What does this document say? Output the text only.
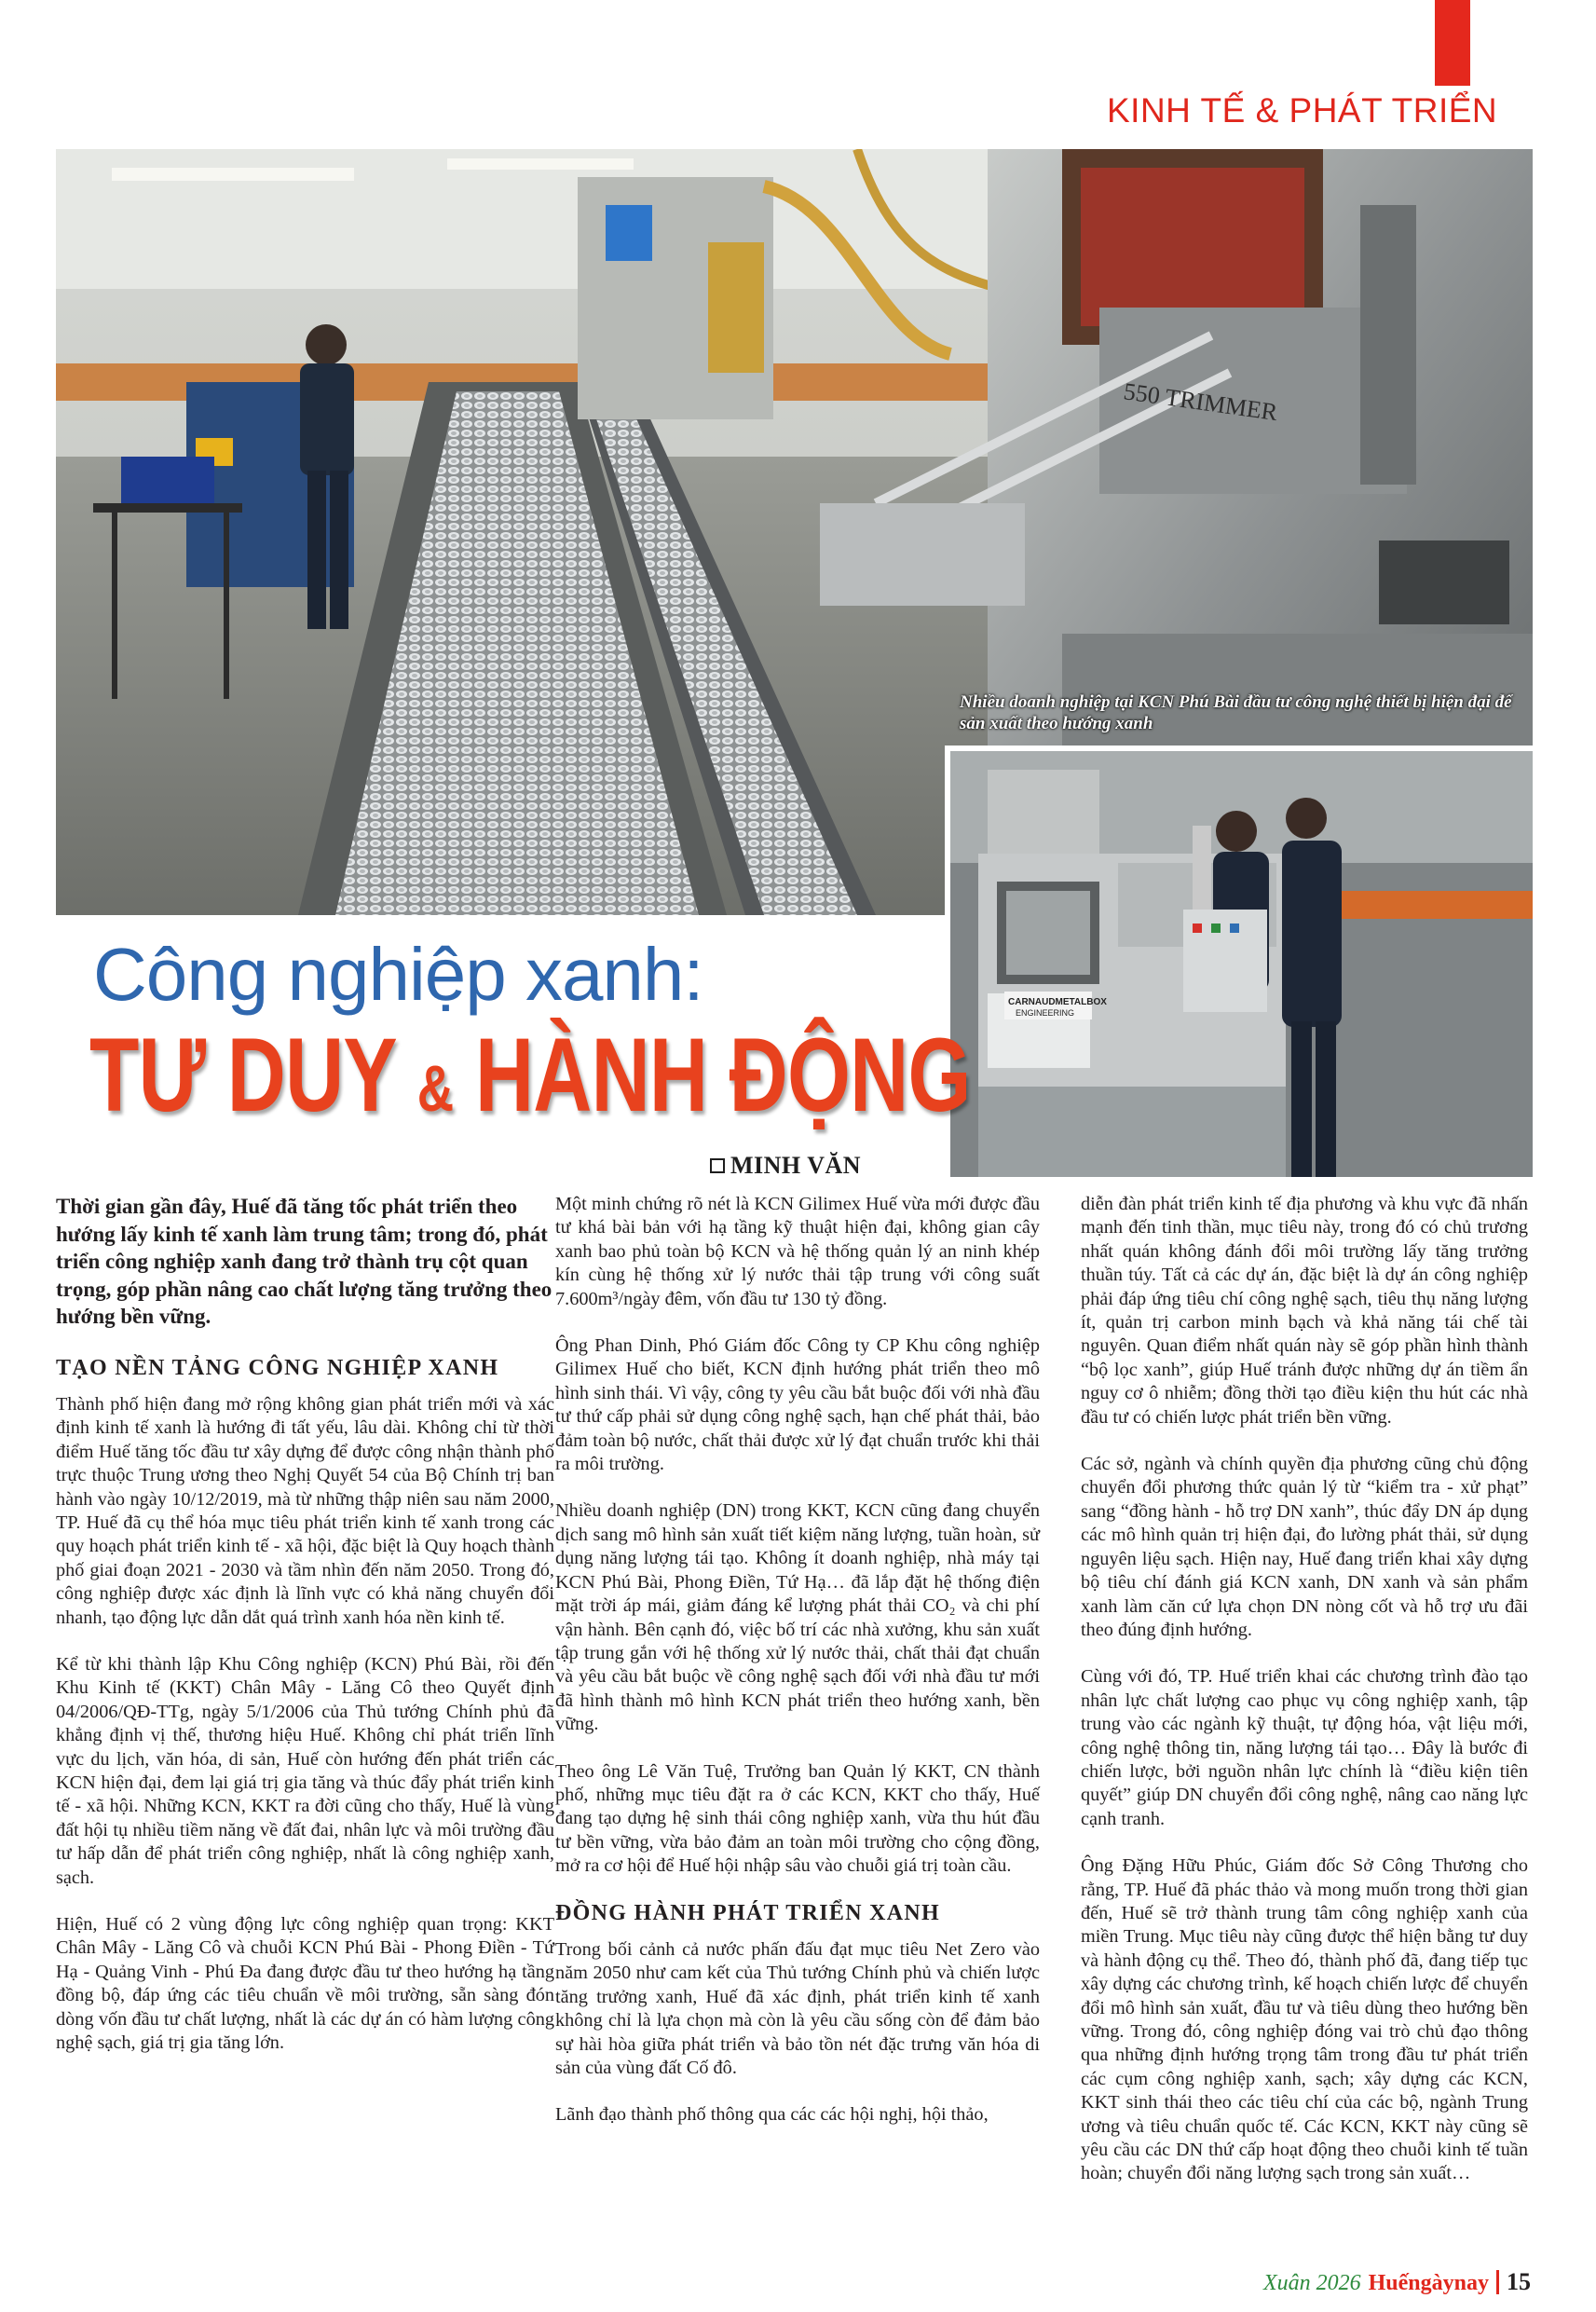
KINH TẾ & PHÁT TRIỂN
550 TRIMMER
Nhiều doanh nghiệp tại KCN Phú Bài đầu tư công nghệ thiết bị hiện đại để sản xuất theo hướng xanh
CARNAUDMETALBOX
ENGINEERING
Công nghiệp xanh:
TƯ DUY & HÀNH ĐỘNG
MINH VĂN
Thời gian gần đây, Huế đã tăng tốc phát triển theo hướng lấy kinh tế xanh làm trung tâm; trong đó, phát triển công nghiệp xanh đang trở thành trụ cột quan trọng, góp phần nâng cao chất lượng tăng trưởng theo hướng bền vững.
TẠO NỀN TẢNG CÔNG NGHIỆP XANH
Thành phố hiện đang mở rộng không gian phát triển mới và xác định kinh tế xanh là hướng đi tất yếu, lâu dài. Không chỉ từ thời điểm Huế tăng tốc đầu tư xây dựng để được công nhận thành phố trực thuộc Trung ương theo Nghị Quyết 54 của Bộ Chính trị ban hành vào ngày 10/12/2019, mà từ những thập niên sau năm 2000, TP. Huế đã cụ thể hóa mục tiêu phát triển kinh tế xanh trong các quy hoạch phát triển kinh tế - xã hội, đặc biệt là Quy hoạch thành phố giai đoạn 2021 - 2030 và tầm nhìn đến năm 2050. Trong đó, công nghiệp được xác định là lĩnh vực có khả năng chuyển đổi nhanh, tạo động lực dẫn dắt quá trình xanh hóa nền kinh tế.
Kể từ khi thành lập Khu Công nghiệp (KCN) Phú Bài, rồi đến Khu Kinh tế (KKT) Chân Mây - Lăng Cô theo Quyết định 04/2006/QĐ-TTg, ngày 5/1/2006 của Thủ tướng Chính phủ đã khẳng định vị thế, thương hiệu Huế. Không chỉ phát triển lĩnh vực du lịch, văn hóa, di sản, Huế còn hướng đến phát triển các KCN hiện đại, đem lại giá trị gia tăng và thúc đẩy phát triển kinh tế - xã hội. Những KCN, KKT ra đời cũng cho thấy, Huế là vùng đất hội tụ nhiều tiềm năng về đất đai, nhân lực và môi trường đầu tư hấp dẫn để phát triển công nghiệp, nhất là công nghiệp xanh, sạch.
Hiện, Huế có 2 vùng động lực công nghiệp quan trọng: KKT Chân Mây - Lăng Cô và chuỗi KCN Phú Bài - Phong Điền - Tứ Hạ - Quảng Vinh - Phú Đa đang được đầu tư theo hướng hạ tầng đồng bộ, đáp ứng các tiêu chuẩn về môi trường, sẵn sàng đón dòng vốn đầu tư chất lượng, nhất là các dự án có hàm lượng công nghệ sạch, giá trị gia tăng lớn.
Một minh chứng rõ nét là KCN Gilimex Huế vừa mới được đầu tư khá bài bản với hạ tầng kỹ thuật hiện đại, không gian cây xanh bao phủ toàn bộ KCN và hệ thống quản lý an ninh khép kín cùng hệ thống xử lý nước thải tập trung với công suất 7.600m³/ngày đêm, vốn đầu tư 130 tỷ đồng.
Ông Phan Dinh, Phó Giám đốc Công ty CP Khu công nghiệp Gilimex Huế cho biết, KCN định hướng phát triển theo mô hình sinh thái. Vì vậy, công ty yêu cầu bắt buộc đối với nhà đầu tư thứ cấp phải sử dụng công nghệ sạch, hạn chế phát thải, bảo đảm toàn bộ nước, chất thải được xử lý đạt chuẩn trước khi thải ra môi trường.
Nhiều doanh nghiệp (DN) trong KKT, KCN cũng đang chuyển dịch sang mô hình sản xuất tiết kiệm năng lượng, tuần hoàn, sử dụng năng lượng tái tạo. Không ít doanh nghiệp, nhà máy tại KCN Phú Bài, Phong Điền, Tứ Hạ… đã lắp đặt hệ thống điện mặt trời áp mái, giảm đáng kể lượng phát thải CO₂ và chi phí vận hành. Bên cạnh đó, việc bố trí các nhà xưởng, khu sản xuất tập trung gắn với hệ thống xử lý nước thải, chất thải đạt chuẩn và yêu cầu bắt buộc về công nghệ sạch đối với nhà đầu tư mới đã hình thành mô hình KCN phát triển theo hướng xanh, bền vững.
Theo ông Lê Văn Tuệ, Trưởng ban Quản lý KKT, CN thành phố, những mục tiêu đặt ra ở các KCN, KKT cho thấy, Huế đang tạo dựng hệ sinh thái công nghiệp xanh, vừa thu hút đầu tư bền vững, vừa bảo đảm an toàn môi trường cho cộng đồng, mở ra cơ hội để Huế hội nhập sâu vào chuỗi giá trị toàn cầu.
ĐỒNG HÀNH PHÁT TRIỂN XANH
Trong bối cảnh cả nước phấn đấu đạt mục tiêu Net Zero vào năm 2050 như cam kết của Thủ tướng Chính phủ và chiến lược tăng trưởng xanh, Huế đã xác định, phát triển kinh tế xanh không chỉ là lựa chọn mà còn là yêu cầu sống còn để đảm bảo sự hài hòa giữa phát triển và bảo tồn nét đặc trưng văn hóa di sản của vùng đất Cố đô.
Lãnh đạo thành phố thông qua các các hội nghị, hội thảo,
diễn đàn phát triển kinh tế địa phương và khu vực đã nhấn mạnh đến tinh thần, mục tiêu này, trong đó có chủ trương nhất quán không đánh đổi môi trường lấy tăng trưởng thuần túy. Tất cả các dự án, đặc biệt là dự án công nghiệp phải đáp ứng tiêu chí công nghệ sạch, tiêu thụ năng lượng ít, quản trị carbon minh bạch và khả năng tái chế tài nguyên. Quan điểm nhất quán này sẽ góp phần hình thành “bộ lọc xanh”, giúp Huế tránh được những dự án tiềm ẩn nguy cơ ô nhiễm; đồng thời tạo điều kiện thu hút các nhà đầu tư có chiến lược phát triển bền vững.
Các sở, ngành và chính quyền địa phương cũng chủ động chuyển đổi phương thức quản lý từ “kiểm tra - xử phạt” sang “đồng hành - hỗ trợ DN xanh”, thúc đẩy DN áp dụng các mô hình quản trị hiện đại, đo lường phát thải, sử dụng nguyên liệu sạch. Hiện nay, Huế đang triển khai xây dựng bộ tiêu chí đánh giá KCN xanh, DN xanh và sản phẩm xanh làm căn cứ lựa chọn DN nòng cốt và hỗ trợ ưu đãi theo đúng định hướng.
Cùng với đó, TP. Huế triển khai các chương trình đào tạo nhân lực chất lượng cao phục vụ công nghiệp xanh, tập trung vào các ngành kỹ thuật, tự động hóa, vật liệu mới, công nghệ thông tin, năng lượng tái tạo… Đây là bước đi chiến lược, bởi nguồn nhân lực chính là “điều kiện tiên quyết” giúp DN chuyển đổi công nghệ, nâng cao năng lực cạnh tranh.
Ông Đặng Hữu Phúc, Giám đốc Sở Công Thương cho rằng, TP. Huế đã phác thảo và mong muốn trong thời gian đến, Huế sẽ trở thành trung tâm công nghiệp xanh của miền Trung. Mục tiêu này cũng được thể hiện bằng tư duy và hành động cụ thể. Theo đó, thành phố đã, đang tiếp tục xây dựng các chương trình, kế hoạch chiến lược để chuyển đổi mô hình sản xuất, đầu tư và tiêu dùng theo hướng bền vững. Trong đó, công nghiệp đóng vai trò chủ đạo thông qua những định hướng trọng tâm trong đầu tư phát triển các cụm công nghiệp xanh, sạch; xây dựng các KCN, KKT sinh thái theo các tiêu chí của các bộ, ngành Trung ương và tiêu chuẩn quốc tế. Các KCN, KKT này cũng sẽ yêu cầu các DN thứ cấp hoạt động theo chuỗi kinh tế tuần hoàn; chuyển đổi năng lượng sạch trong sản xuất…
Xuân 2026 Huếngàynay 15
